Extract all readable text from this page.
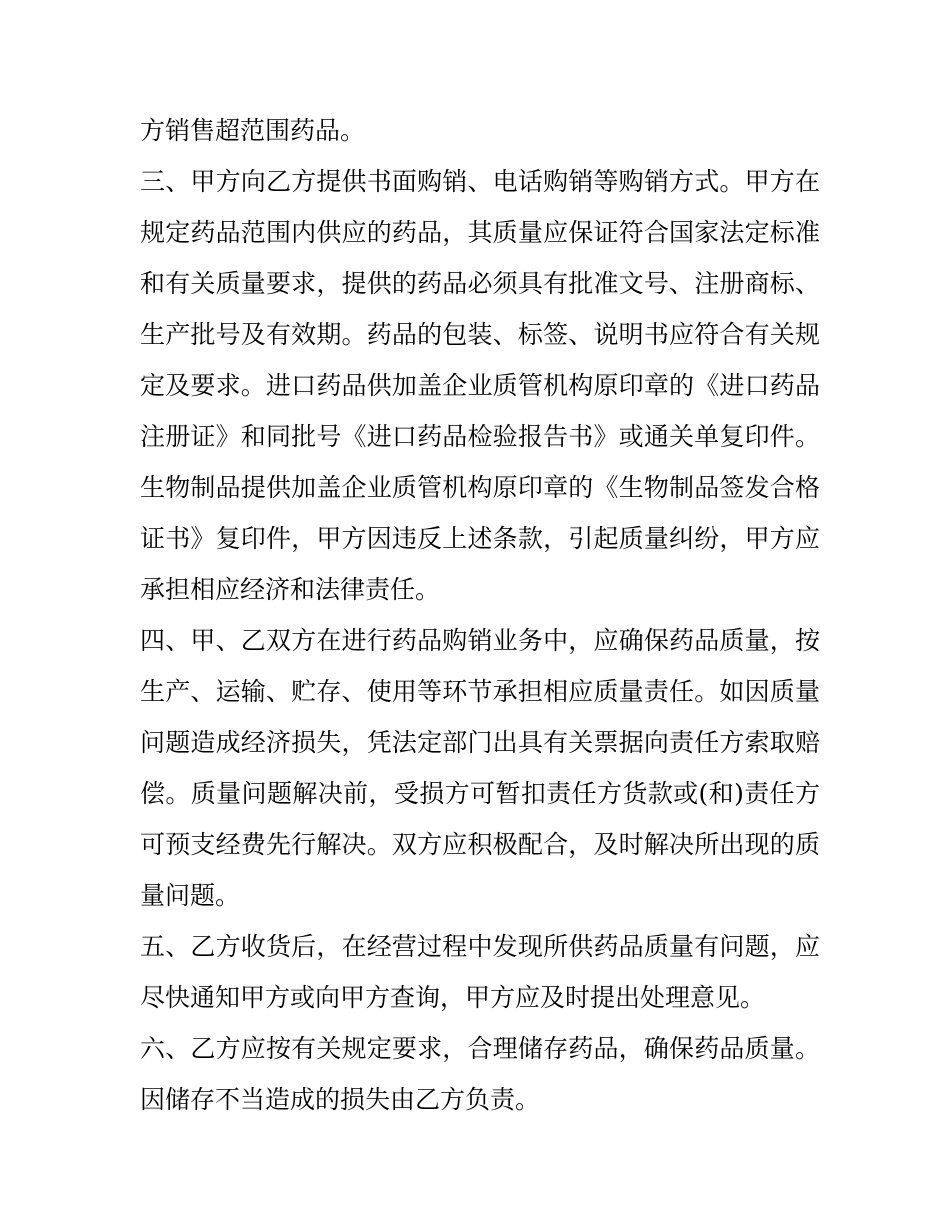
方销售超范围药品。
三、甲方向乙方提供书面购销、电话购销等购销方式。甲方在
规定药品范围内供应的药品，其质量应保证符合国家法定标准
和有关质量要求，提供的药品必须具有批准文号、注册商标、
生产批号及有效期。药品的包装、标签、说明书应符合有关规
定及要求。进口药品供加盖企业质管机构原印章的《进口药品
注册证》和同批号《进口药品检验报告书》或通关单复印件。
生物制品提供加盖企业质管机构原印章的《生物制品签发合格
证书》复印件，甲方因违反上述条款，引起质量纠纷，甲方应
承担相应经济和法律责任。
四、甲、乙双方在进行药品购销业务中，应确保药品质量，按
生产、运输、贮存、使用等环节承担相应质量责任。如因质量
问题造成经济损失，凭法定部门出具有关票据向责任方索取赔
偿。质量问题解决前，受损方可暂扣责任方货款或(和)责任方
可预支经费先行解决。双方应积极配合，及时解决所出现的质
量问题。
五、乙方收货后，在经营过程中发现所供药品质量有问题，应
尽快通知甲方或向甲方查询，甲方应及时提出处理意见。
六、乙方应按有关规定要求，合理储存药品，确保药品质量。
因储存不当造成的损失由乙方负责。
